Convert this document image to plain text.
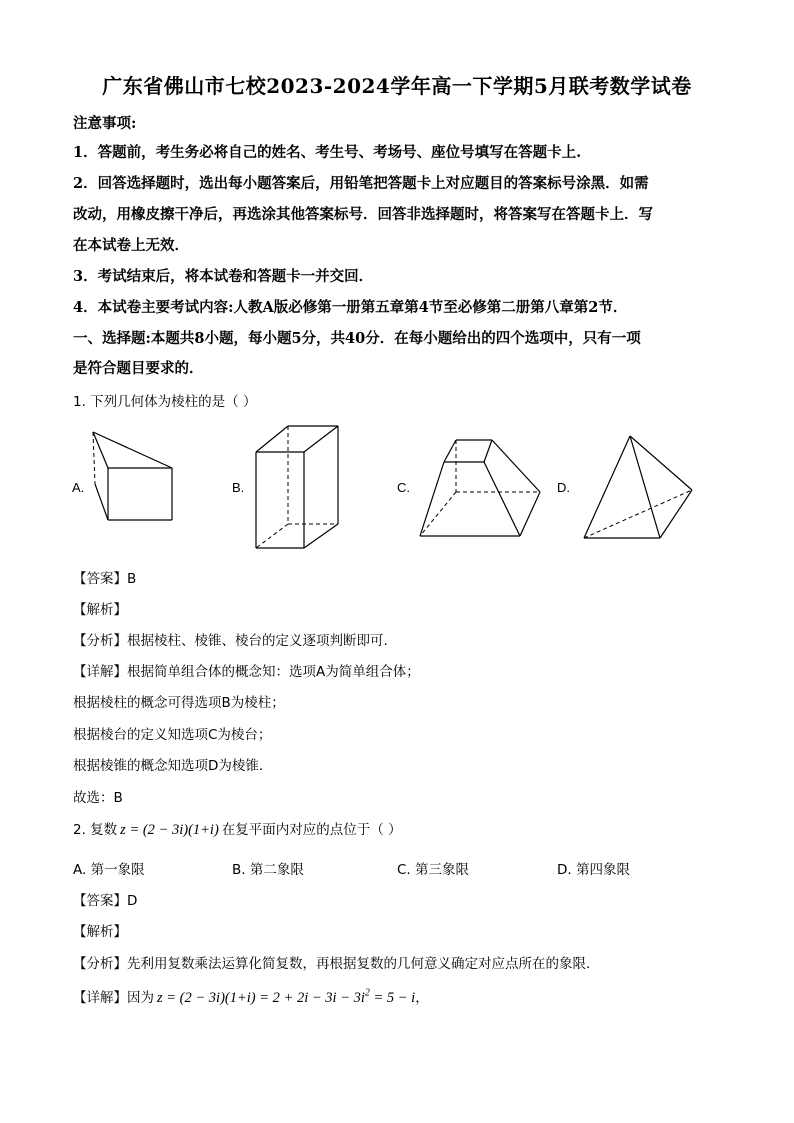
广东省佛山市七校2023-2024学年高一下学期5月联考数学试卷
注意事项:
1．答题前，考生务必将自己的姓名、考生号、考场号、座位号填写在答题卡上.
2．回答选择题时，选出每小题答案后，用铅笔把答题卡上对应题目的答案标号涂黑．如需
改动，用橡皮擦干净后，再选涂其他答案标号．回答非选择题时，将答案写在答题卡上．写
在本试卷上无效．
3．考试结束后，将本试卷和答题卡一并交回．
4．本试卷主要考试内容:人教A版必修第一册第五章第4节至必修第二册第八章第2节．
一、选择题:本题共8小题，每小题5分，共40分．在每小题给出的四个选项中，只有一项
是符合题目要求的．
1. 下列几何体为棱柱的是（ ）
A.	B.	C.	D.
【答案】B
【解析】
【分析】根据棱柱、棱锥、棱台的定义逐项判断即可.
【详解】根据简单组合体的概念知：选项A为简单组合体；
根据棱柱的概念可得选项B为棱柱；
根据棱台的定义知选项C为棱台；
根据棱锥的概念知选项D为棱锥.
故选：B
2. 复数 z = (2 − 3i)(1+i) 在复平面内对应的点位于（ ）
A. 第一象限	B. 第二象限	C. 第三象限	D. 第四象限
【答案】D
【解析】
【分析】先利用复数乘法运算化简复数，再根据复数的几何意义确定对应点所在的象限.
【详解】因为 $z = (2 - 3i)(1+i) = 2 + 2i - 3i - 3i^2 = 5 - i$，
